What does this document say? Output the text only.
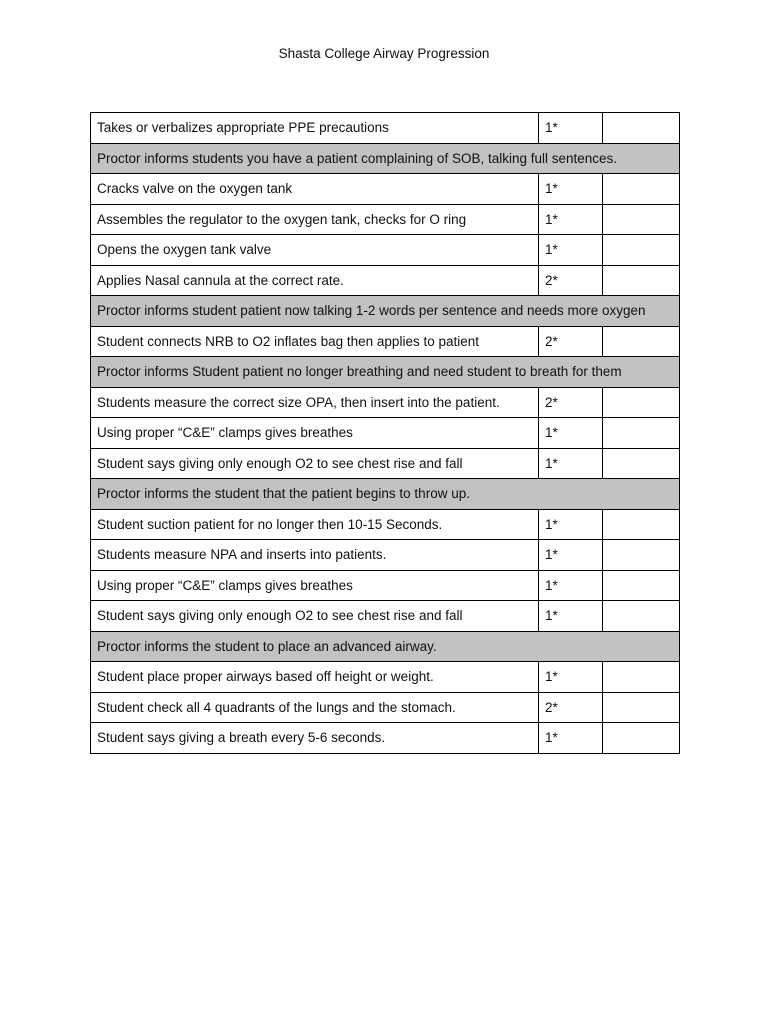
Shasta College Airway Progression
Takes or verbalizes appropriate PPE precautions	1*	
Proctor informs students you have a patient complaining of SOB, talking full sentences.		
Cracks valve on the oxygen tank	1*	
Assembles the regulator to the oxygen tank, checks for O ring	1*	
Opens the oxygen tank valve	1*	
Applies Nasal cannula at the correct rate.	2*	
Proctor informs student patient now talking 1-2 words per sentence and needs more oxygen		
Student connects NRB to O2 inflates bag then applies to patient	2*	
Proctor informs Student patient no longer breathing and need student to breath for them		
Students measure the correct size OPA, then insert into the patient.	2*	
Using proper “C&E” clamps gives breathes	1*	
Student says giving only enough O2 to see chest rise and fall	1*	
Proctor informs the student that the patient begins to throw up.		
Student suction patient for no longer then 10-15 Seconds.	1*	
Students measure NPA and inserts into patients.	1*	
Using proper “C&E” clamps gives breathes	1*	
Student says giving only enough O2 to see chest rise and fall	1*	
Proctor informs the student to place an advanced airway.		
Student place proper airways based off height or weight.	1*	
Student check all 4 quadrants of the lungs and the stomach.	2*	
Student says giving a breath every 5-6 seconds.	1*	
